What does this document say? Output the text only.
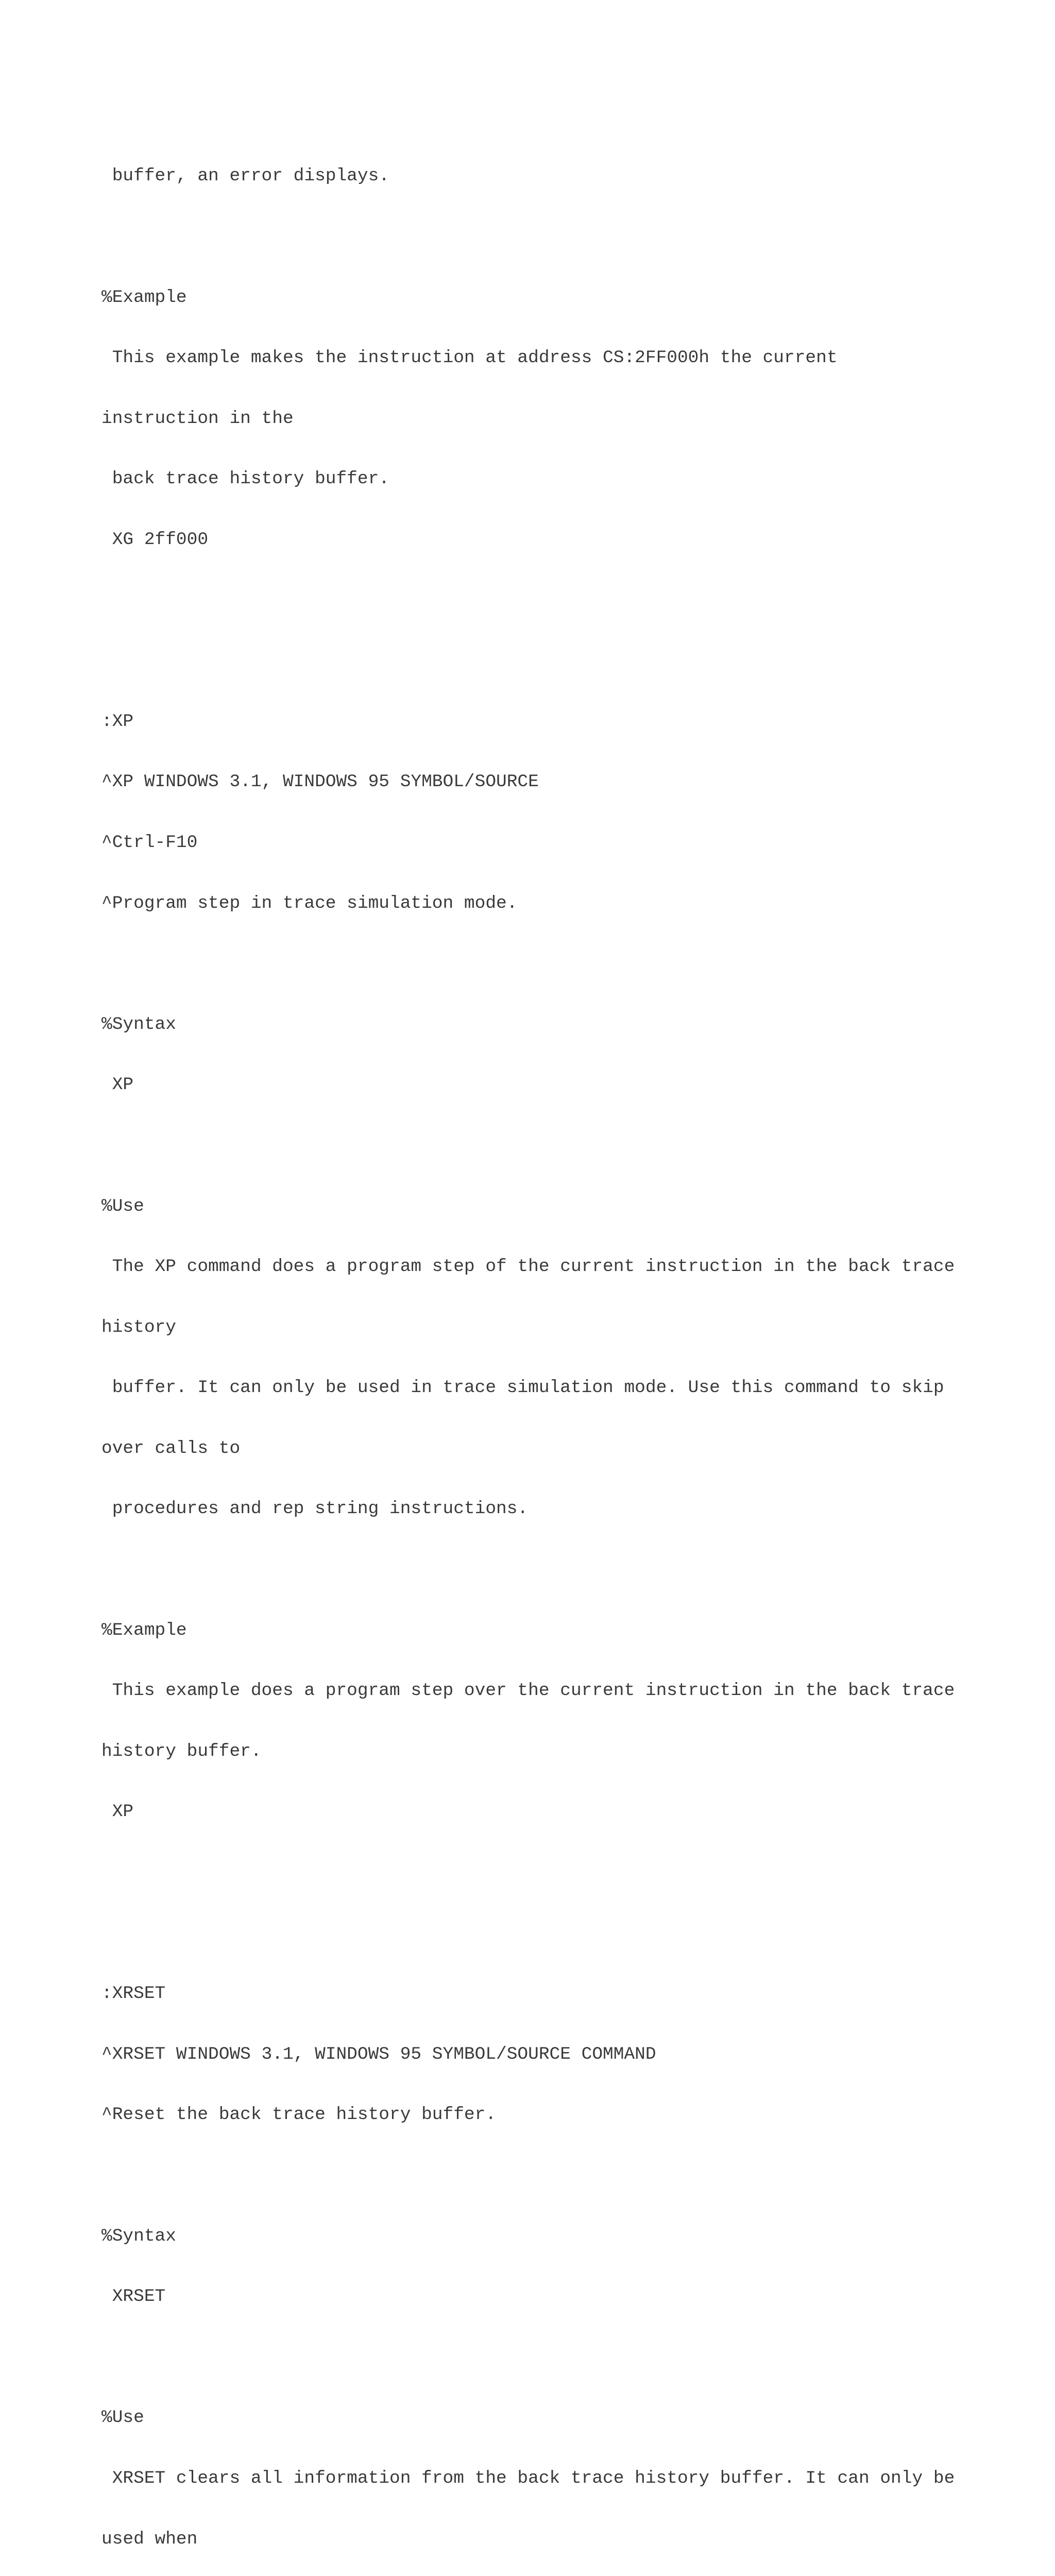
buffer, an error displays.

%Example

This example makes the instruction at address CS:2FF000h the current

instruction in the

back trace history buffer.

XG 2ff000

:XP

^XP WINDOWS 3.1, WINDOWS 95 SYMBOL/SOURCE

^Ctrl-F10

^Program step in trace simulation mode.

%Syntax

XP

%Use

The XP command does a program step of the current instruction in the back trace

history

buffer. It can only be used in trace simulation mode. Use this command to skip

over calls to

procedures and rep string instructions.

%Example

This example does a program step over the current instruction in the back trace

history buffer.

XP

:XRSET

^XRSET WINDOWS 3.1, WINDOWS 95 SYMBOL/SOURCE COMMAND

^Reset the back trace history buffer.

%Syntax

XRSET

%Use

XRSET clears all information from the back trace history buffer. It can only be

used when
